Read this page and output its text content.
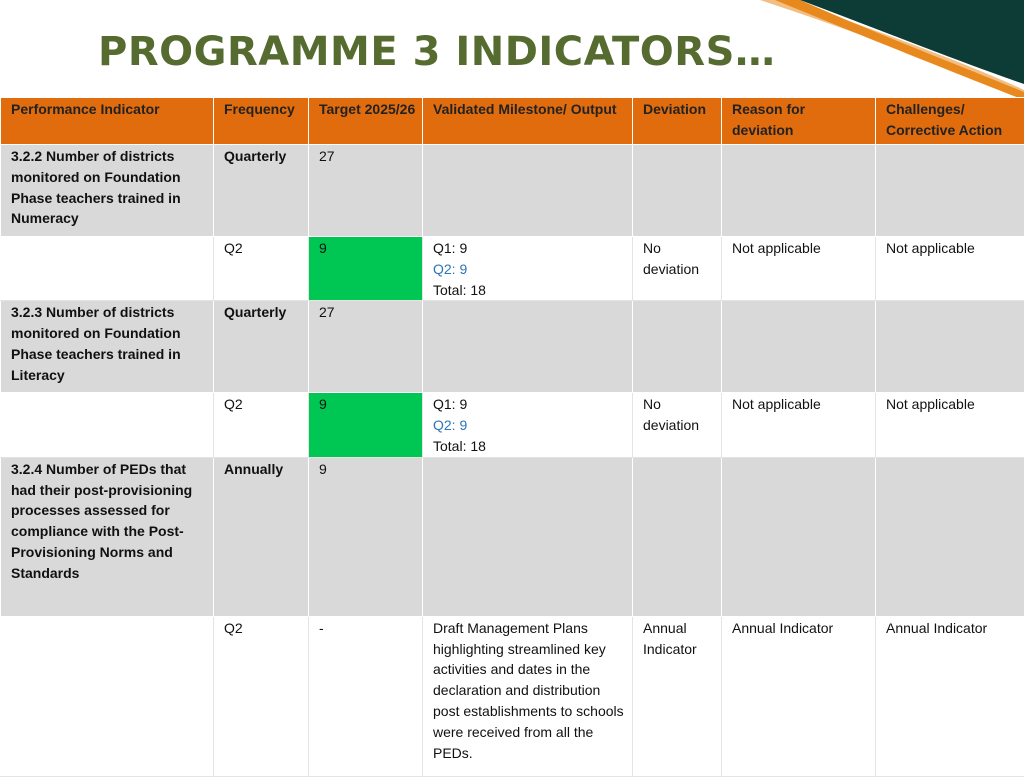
PROGRAMME 3 INDICATORS…
Performance Indicator	Frequency	Target 2025/26	Validated Milestone/ Output	Deviation	Reason for deviation	Challenges/ Corrective Action
3.2.2 Number of districts monitored on Foundation Phase teachers trained in Numeracy	Quarterly	27				
	Q2	9	Q1: 9
Q2: 9
Total: 18	No deviation	Not applicable	Not applicable
3.2.3 Number of districts monitored on Foundation Phase teachers trained in Literacy	Quarterly	27				
	Q2	9	Q1: 9
Q2: 9
Total: 18	No deviation	Not applicable	Not applicable
3.2.4 Number of PEDs that had their post-provisioning processes assessed for compliance with the Post-Provisioning Norms and Standards	Annually	9				
	Q2	-	Draft Management Plans highlighting streamlined key activities and dates in the declaration and distribution post establishments to schools were received from all the PEDs.	Annual Indicator	Annual Indicator	Annual Indicator
